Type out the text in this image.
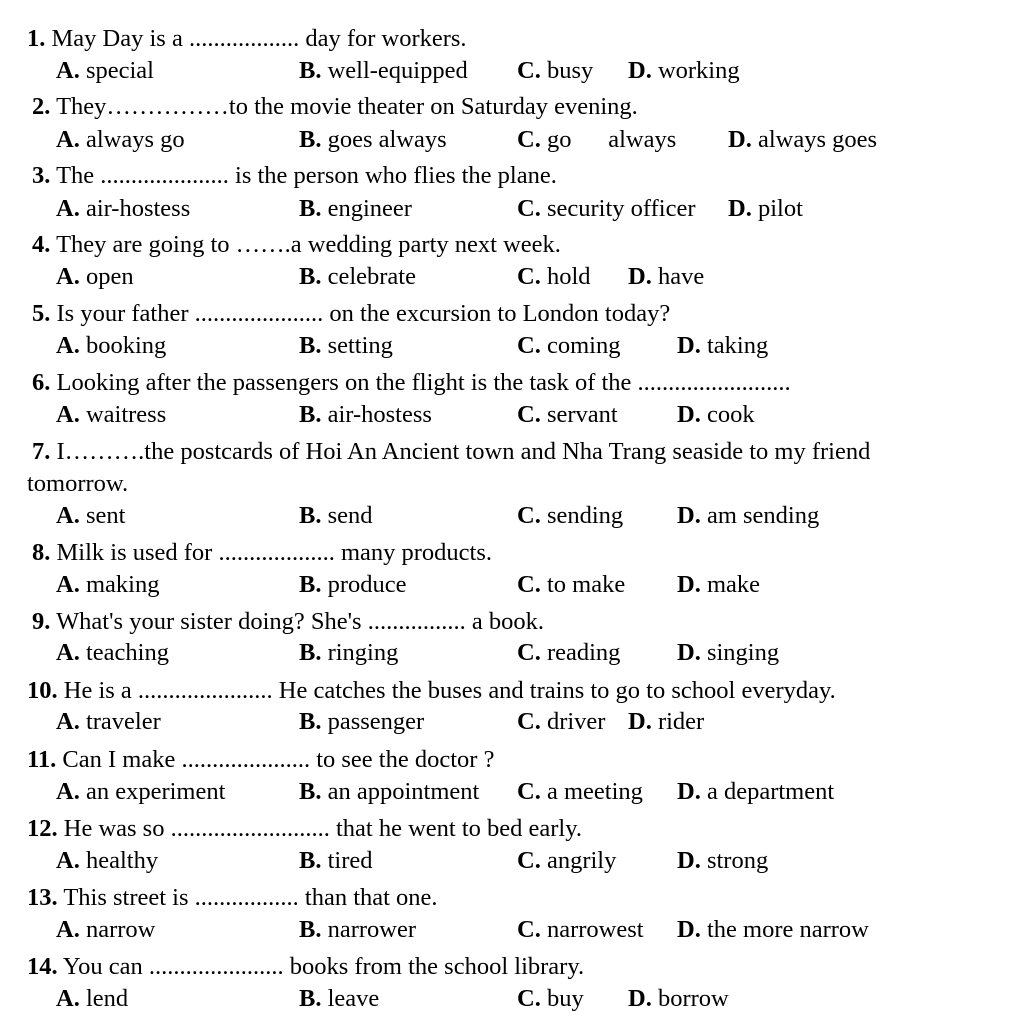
1. May Day is a .................. day for workers.
A. special	B. well-equipped C. busy D. working
2. They……………to the movie theater on Saturday evening.
A. always go	B. goes always	C. go      always D. always goes
3. The ..................... is the person who flies the plane.
A. air-hostess	B. engineer	C. security officer D. pilot
4. They are going to …….a wedding party next week.
A. open	B. celebrate	C. hold D. have
5. Is your father ..................... on the excursion to London today?
A. booking	B. setting	C. coming D. taking
6. Looking after the passengers on the flight is the task of the .........................
A. waitress	B. air-hostess	C. servant D. cook
7. I……….the postcards of Hoi An Ancient town and Nha Trang seaside to my friend
tomorrow.
A. sent	B. send	C. sending D. am sending
8. Milk is used for ................... many products.
A. making	B. produce	C. to make D. make
9. What's your sister doing? She's ................ a book.
A. teaching	B. ringing	C. reading D. singing
10. He is a ...................... He catches the buses and trains to go to school everyday.
A. traveler	B. passenger	C. driver D. rider
11. Can I make ..................... to see the doctor ?
A. an experiment	B. an appointment C. a meeting D. a department
12. He was so .......................... that he went to bed early.
A. healthy	B. tired	C. angrily D. strong
13. This street is ................. than that one.
A. narrow	B. narrower	C. narrowest D. the more narrow
14. You can ...................... books from the school library.
A. lend	B. leave	C. buy D. borrow
